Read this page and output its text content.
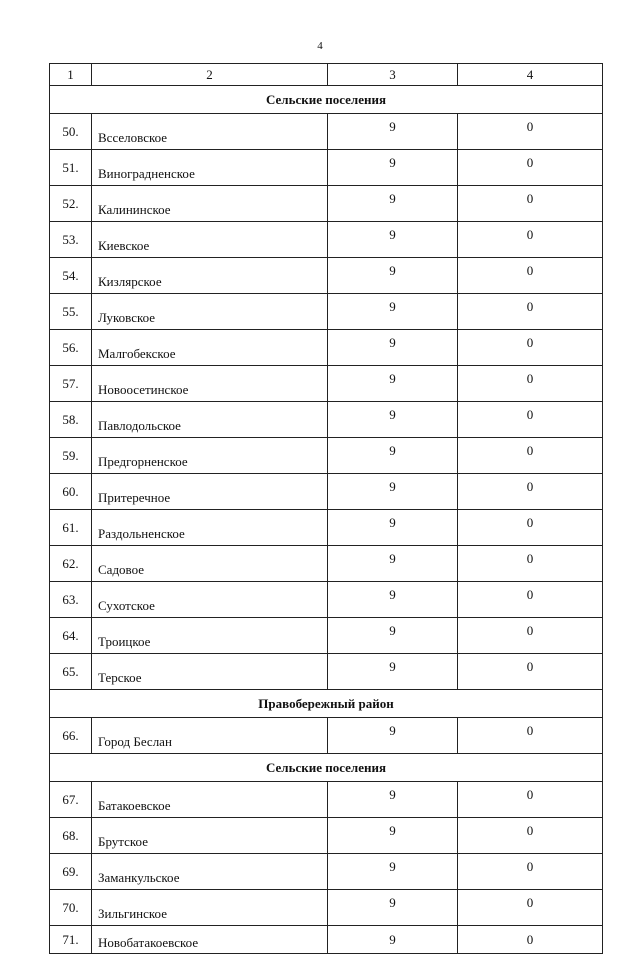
4
1	2	3	4
Сельские поселения			
50.	Всселовское	9	0
51.	Виноградненское	9	0
52.	Калининское	9	0
53.	Киевское	9	0
54.	Кизлярское	9	0
55.	Луковское	9	0
56.	Малгобекское	9	0
57.	Новоосетинское	9	0
58.	Павлодольское	9	0
59.	Предгорненское	9	0
60.	Притеречное	9	0
61.	Раздольненское	9	0
62.	Садовое	9	0
63.	Сухотское	9	0
64.	Троицкое	9	0
65.	Терское	9	0
Правобережный район			
66.	Город Беслан	9	0
Сельские поселения			
67.	Батакоевское	9	0
68.	Брутское	9	0
69.	Заманкульское	9	0
70.	Зильгинское	9	0
71.	Новобатакоевское	9	0
